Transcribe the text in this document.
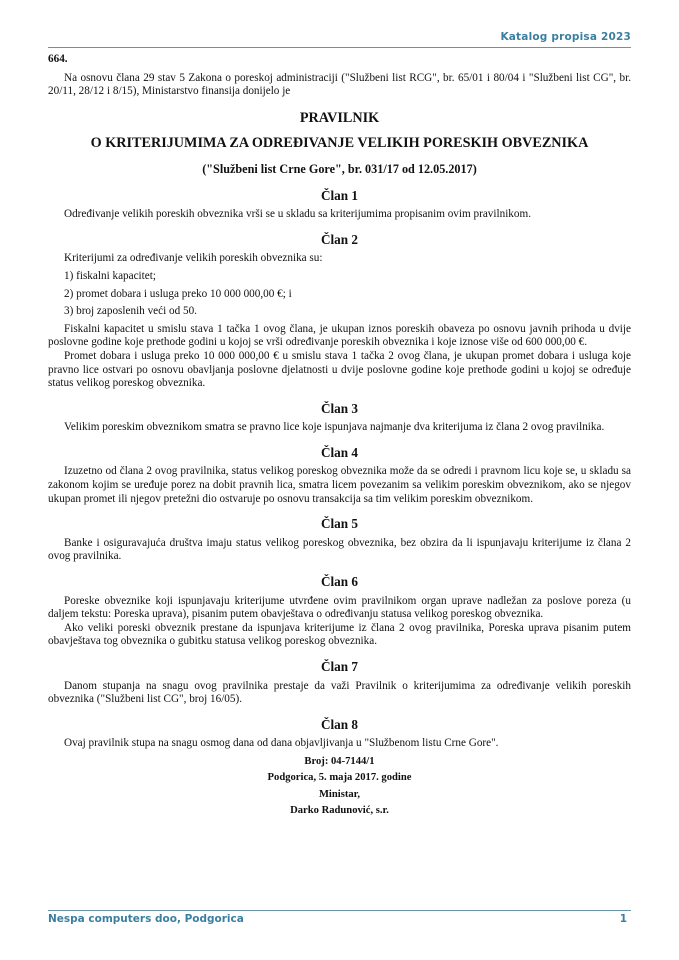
Katalog propisa 2023
664.

Na osnovu člana 29 stav 5 Zakona o poreskoj administraciji ("Službeni list RCG", br. 65/01 i 80/04 i "Službeni list CG", br. 20/11, 28/12 i 8/15), Ministarstvo finansija donijelo je

PRAVILNIK
O KRITERIJUMIMA ZA ODREĐIVANJE VELIKIH PORESKIH OBVEZNIKA
("Službeni list Crne Gore", br. 031/17 od 12.05.2017)
Član 1

Određivanje velikih poreskih obveznika vrši se u skladu sa kriterijumima propisanim ovim pravilnikom.

Član 2

Kriterijumi za određivanje velikih poreskih obveznika su:

1) fiskalni kapacitet;
2) promet dobara i usluga preko 10 000 000,00 €; i
3) broj zaposlenih veći od 50.

Fiskalni kapacitet u smislu stava 1 tačka 1 ovog člana, je ukupan iznos poreskih obaveza po osnovu javnih prihoda u dvije poslovne godine koje prethode godini u kojoj se vrši određivanje poreskih obveznika i koje iznose više od 600 000,00 €.

Promet dobara i usluga preko 10 000 000,00 € u smislu stava 1 tačka 2 ovog člana, je ukupan promet dobara i usluga koje pravno lice ostvari po osnovu obavljanja poslovne djelatnosti u dvije poslovne godine koje prethode godini u kojoj se određuje status velikog poreskog obveznika.

Član 3

Velikim poreskim obveznikom smatra se pravno lice koje ispunjava najmanje dva kriterijuma iz člana 2 ovog pravilnika.

Član 4

Izuzetno od člana 2 ovog pravilnika, status velikog poreskog obveznika može da se odredi i pravnom licu koje se, u skladu sa zakonom kojim se uređuje porez na dobit pravnih lica, smatra licem povezanim sa velikim poreskim obveznikom, ako se njegov ukupan promet ili njegov pretežni dio ostvaruje po osnovu transakcija sa tim velikim poreskim obveznikom.

Član 5

Banke i osiguravajuća društva imaju status velikog poreskog obveznika, bez obzira da li ispunjavaju kriterijume iz člana 2 ovog pravilnika.

Član 6

Poreske obveznike koji ispunjavaju kriterijume utvrđene ovim pravilnikom organ uprave nadležan za poslove poreza (u daljem tekstu: Poreska uprava), pisanim putem obavještava o određivanju statusa velikog poreskog obveznika.

Ako veliki poreski obveznik prestane da ispunjava kriterijume iz člana 2 ovog pravilnika, Poreska uprava pisanim putem obavještava tog obveznika o gubitku statusa velikog poreskog obveznika.

Član 7

Danom stupanja na snagu ovog pravilnika prestaje da važi Pravilnik o kriterijumima za određivanje velikih poreskih obveznika ("Službeni list CG", broj 16/05).

Član 8

Ovaj pravilnik stupa na snagu osmog dana od dana objavljivanja u "Službenom listu Crne Gore".

Broj: 04-7144/1
Podgorica, 5. maja 2017. godine
Ministar,
Darko Radunović, s.r.
Nespa computers doo, Podgorica	1
